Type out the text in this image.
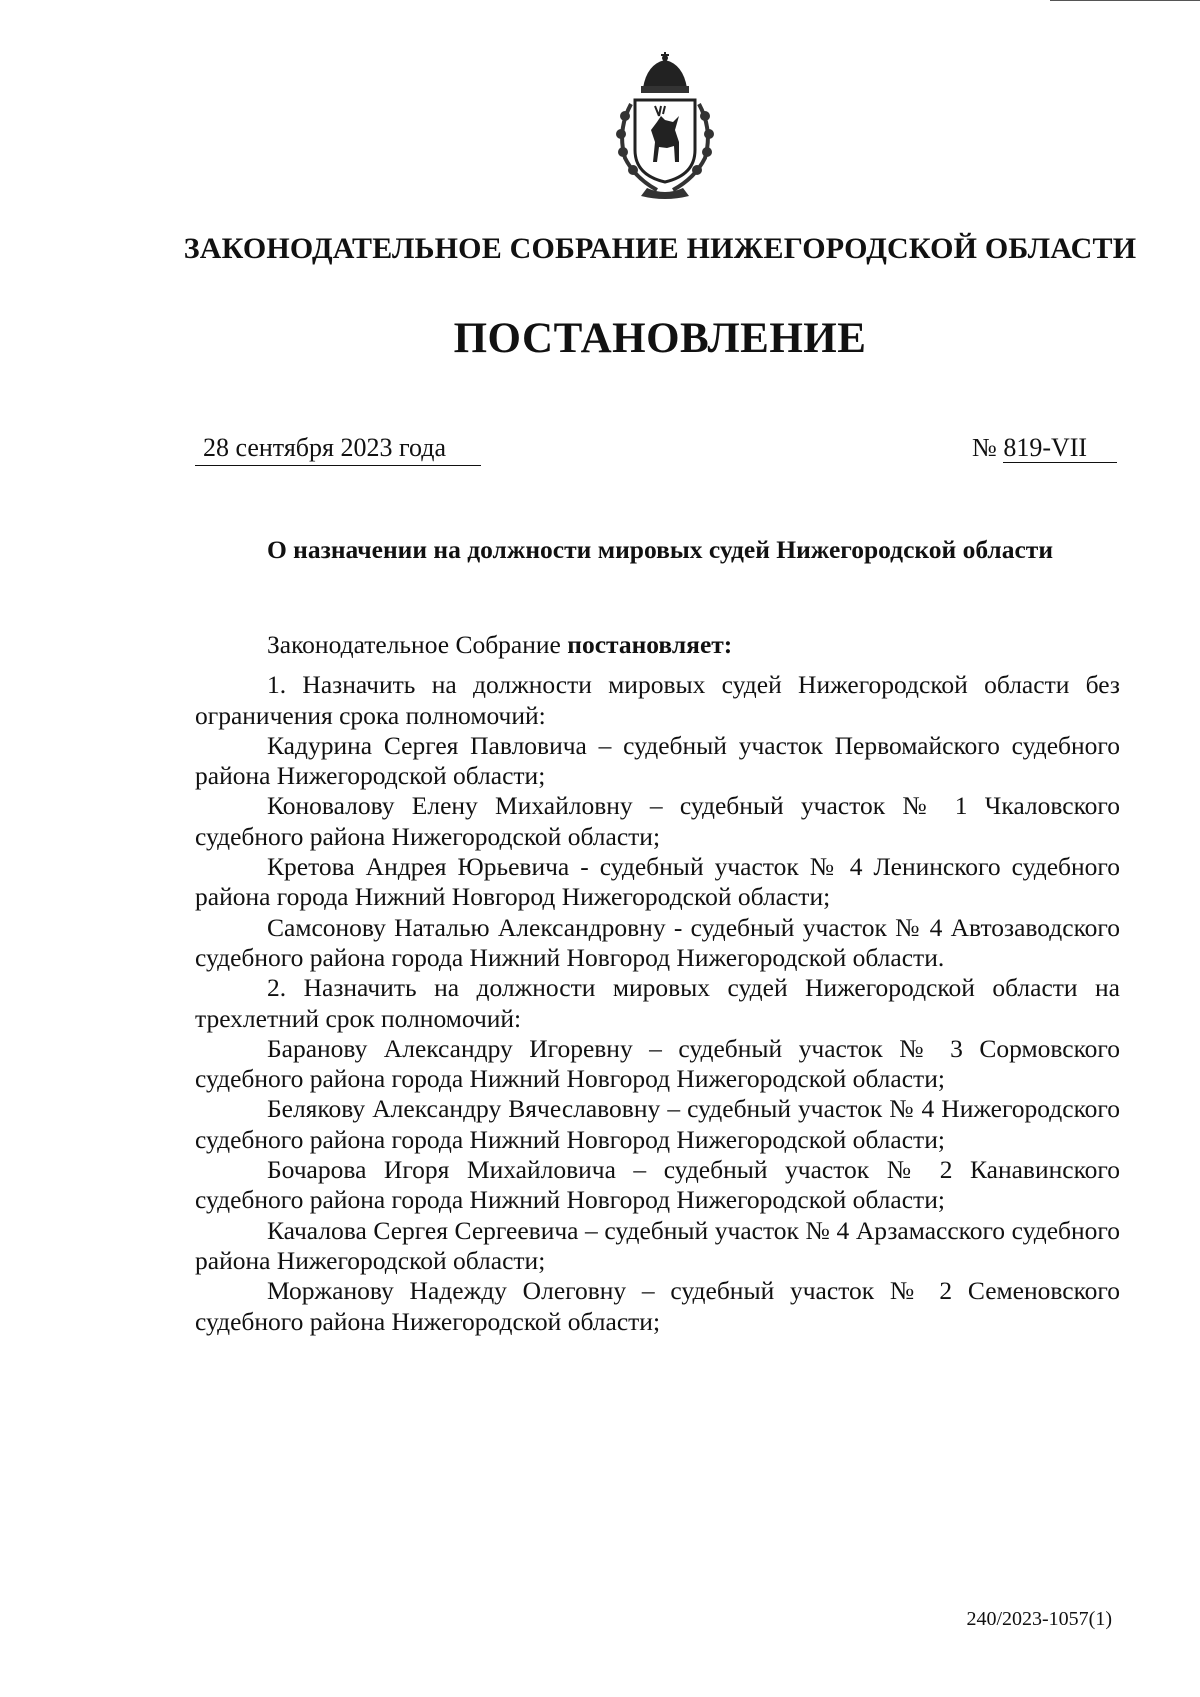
ЗАКОНОДАТЕЛЬНОЕ СОБРАНИЕ НИЖЕГОРОДСКОЙ ОБЛАСТИ
ПОСТАНОВЛЕНИЕ
28 сентября 2023 года	№ 819-VII
О назначении на должности мировых судей Нижегородской области

Законодательное Собрание постановляет:

1. Назначить на должности мировых судей Нижегородской области без ограничения срока полномочий:

Кадурина Сергея Павловича – судебный участок Первомайского судебного района Нижегородской области;

Коновалову Елену Михайловну – судебный участок № 1 Чкаловского судебного района Нижегородской области;

Кретова Андрея Юрьевича - судебный участок № 4 Ленинского судебного района города Нижний Новгород Нижегородской области;

Самсонову Наталью Александровну - судебный участок № 4 Автозаводского судебного района города Нижний Новгород Нижегородской области.

2. Назначить на должности мировых судей Нижегородской области на трехлетний срок полномочий:

Баранову Александру Игоревну – судебный участок № 3 Сормовского судебного района города Нижний Новгород Нижегородской области;

Белякову Александру Вячеславовну – судебный участок № 4 Нижегородского судебного района города Нижний Новгород Нижегородской области;

Бочарова Игоря Михайловича – судебный участок № 2 Канавинского судебного района города Нижний Новгород Нижегородской области;

Качалова Сергея Сергеевича – судебный участок № 4 Арзамасского судебного района Нижегородской области;

Моржанову Надежду Олеговну – судебный участок № 2 Семеновского судебного района Нижегородской области;

240/2023-1057(1)
